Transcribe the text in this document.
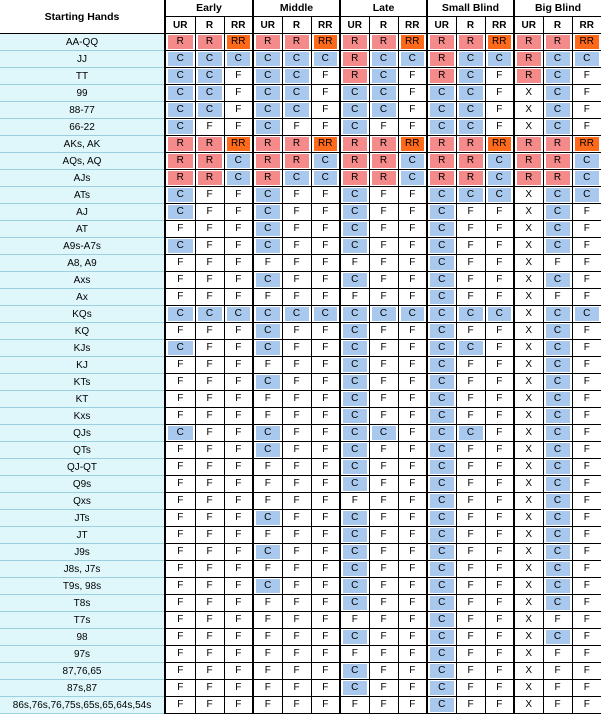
Starting Hands	Early			Middle			Late			Small Blind			Big Blind		
	UR	R	RR	UR	R	RR	UR	R	RR	UR	R	RR	UR	R	RR
AA-QQ	R	R	RR	R	R	RR	R	R	RR	R	R	RR	R	R	RR

JJ	C	C	C	C	C	C	R	C	C	R	C	C	R	C	C

TT	C	C	F	C	C	F	R	C	F	R	C	F	R	C	F

99	C	C	F	C	C	F	C	C	F	C	C	F	X	C	F

88-77	C	C	F	C	C	F	C	C	F	C	C	F	X	C	F

66-22	C	F	F	C	F	F	C	F	F	C	C	F	X	C	F

AKs, AK	R	R	RR	R	R	RR	R	R	RR	R	R	RR	R	R	RR

AQs, AQ	R	R	C	R	R	C	R	R	C	R	R	C	R	R	C

AJs	R	R	C	R	C	C	R	R	C	R	R	C	R	R	C

ATs	C	F	F	C	F	F	C	F	F	C	C	C	X	C	C

AJ	C	F	F	C	F	F	C	F	F	C	F	F	X	C	F

AT	F	F	F	C	F	F	C	F	F	C	F	F	X	C	F

A9s-A7s	C	F	F	C	F	F	C	F	F	C	F	F	X	C	F

A8, A9	F	F	F	F	F	F	F	F	F	C	F	F	X	F	F

Axs	F	F	F	C	F	F	C	F	F	C	F	F	X	C	F

Ax	F	F	F	F	F	F	F	F	F	C	F	F	X	F	F

KQs	C	C	C	C	C	C	C	C	C	C	C	C	X	C	C

KQ	F	F	F	C	F	F	C	F	F	C	F	F	X	C	F

KJs	C	F	F	C	F	F	C	F	F	C	C	F	X	C	F

KJ	F	F	F	F	F	F	C	F	F	C	F	F	X	C	F

KTs	F	F	F	C	F	F	C	F	F	C	F	F	X	C	F

KT	F	F	F	F	F	F	C	F	F	C	F	F	X	C	F

Kxs	F	F	F	F	F	F	C	F	F	C	F	F	X	C	F

QJs	C	F	F	C	F	F	C	C	F	C	C	F	X	C	F

QTs	F	F	F	C	F	F	C	F	F	C	F	F	X	C	F

QJ-QT	F	F	F	F	F	F	C	F	F	C	F	F	X	C	F

Q9s	F	F	F	F	F	F	C	F	F	C	F	F	X	C	F

Qxs	F	F	F	F	F	F	F	F	F	C	F	F	X	C	F

JTs	F	F	F	C	F	F	C	F	F	C	F	F	X	C	F

JT	F	F	F	F	F	F	C	F	F	C	F	F	X	C	F

J9s	F	F	F	C	F	F	C	F	F	C	F	F	X	C	F

J8s, J7s	F	F	F	F	F	F	C	F	F	C	F	F	X	C	F

T9s, 98s	F	F	F	C	F	F	C	F	F	C	F	F	X	C	F

T8s	F	F	F	F	F	F	C	F	F	C	F	F	X	C	F

T7s	F	F	F	F	F	F	F	F	F	C	F	F	X	F	F

98	F	F	F	F	F	F	C	F	F	C	F	F	X	C	F

97s	F	F	F	F	F	F	F	F	F	C	F	F	X	F	F

87,76,65	F	F	F	F	F	F	C	F	F	C	F	F	X	F	F

87s,87	F	F	F	F	F	F	C	F	F	C	F	F	X	F	F

86s,76s,76,75s,65s,65,64s,54s	F	F	F	F	F	F	F	F	F	C	F	F	X	F	F
